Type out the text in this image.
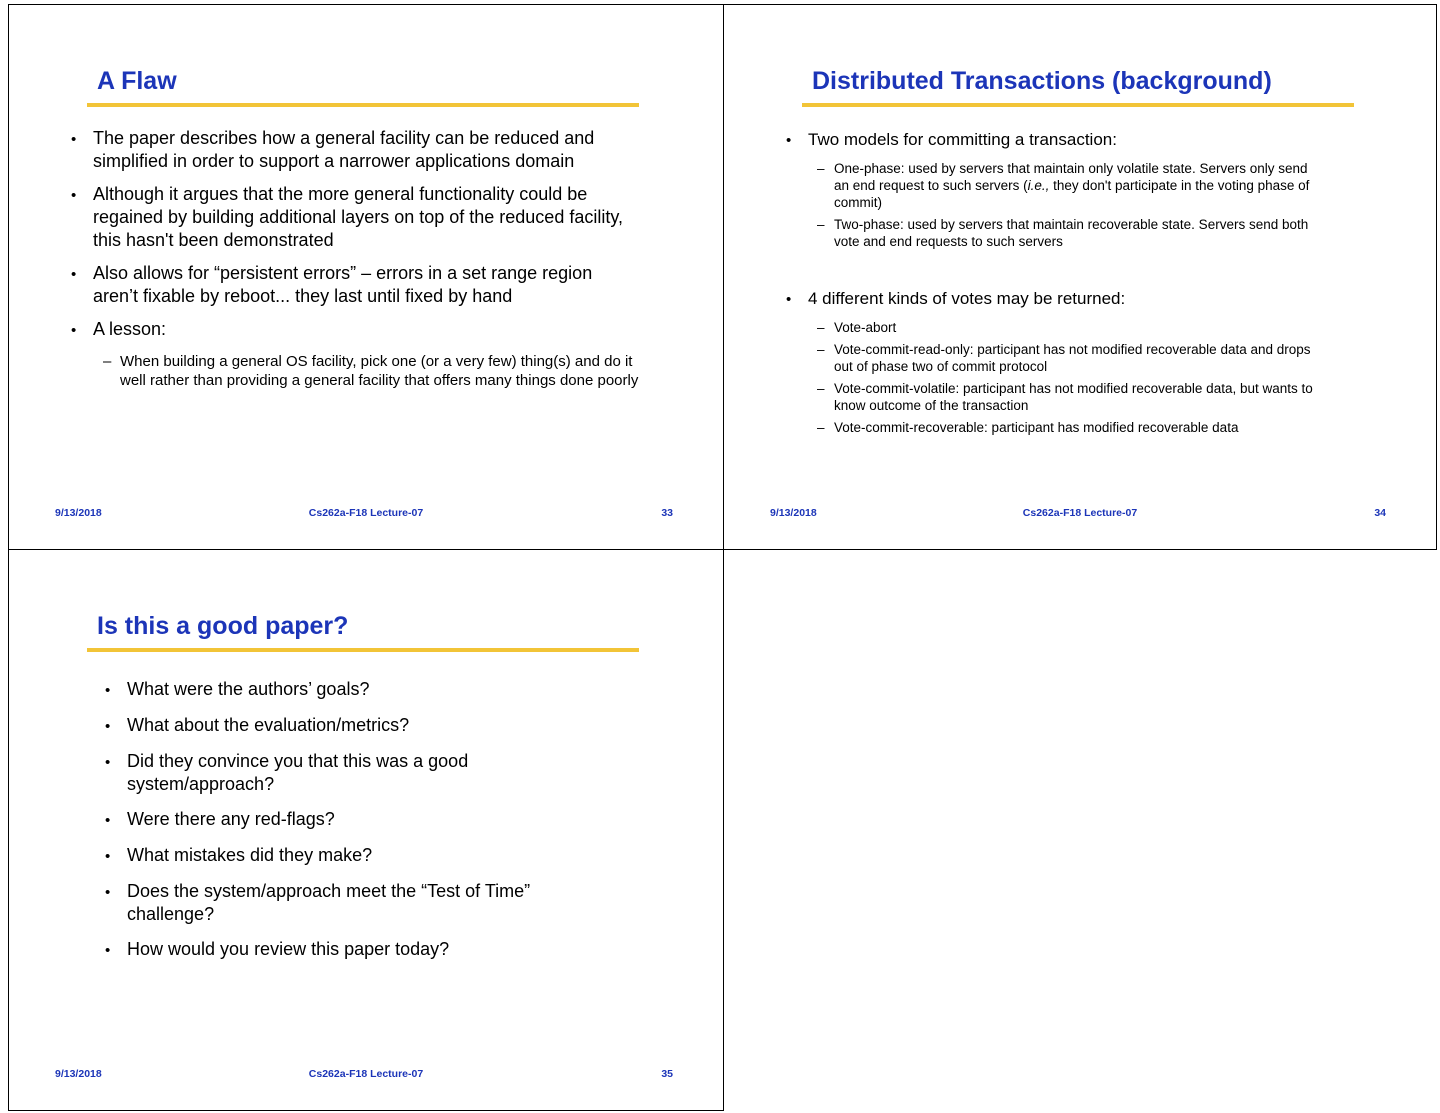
A Flaw
• The paper describes how a general facility can be reduced and simplified in order to support a narrower applications domain
• Although it argues that the more general functionality could be regained by building additional layers on top of the reduced facility, this hasn't been demonstrated
• Also allows for “persistent errors” – errors in a set range region aren’t fixable by reboot... they last until fixed by hand
• A lesson:
– When building a general OS facility, pick one (or a very few) thing(s) and do it well rather than providing a general facility that offers many things done poorly
9/13/2018	Cs262a-F18 Lecture-07	33
Distributed Transactions (background)
• Two models for committing a transaction:
– One-phase: used by servers that maintain only volatile state. Servers only send an end request to such servers (i.e., they don't participate in the voting phase of commit)
– Two-phase: used by servers that maintain recoverable state. Servers send both vote and end requests to such servers
• 4 different kinds of votes may be returned:
– Vote-abort
– Vote-commit-read-only: participant has not modified recoverable data and drops out of phase two of commit protocol
– Vote-commit-volatile: participant has not modified recoverable data, but wants to know outcome of the transaction
– Vote-commit-recoverable: participant has modified recoverable data
9/13/2018	Cs262a-F18 Lecture-07	34
Is this a good paper?
• What were the authors’ goals?
• What about the evaluation/metrics?
• Did they convince you that this was a good system/approach?
• Were there any red-flags?
• What mistakes did they make?
• Does the system/approach meet the “Test of Time” challenge?
• How would you review this paper today?
9/13/2018	Cs262a-F18 Lecture-07	35
